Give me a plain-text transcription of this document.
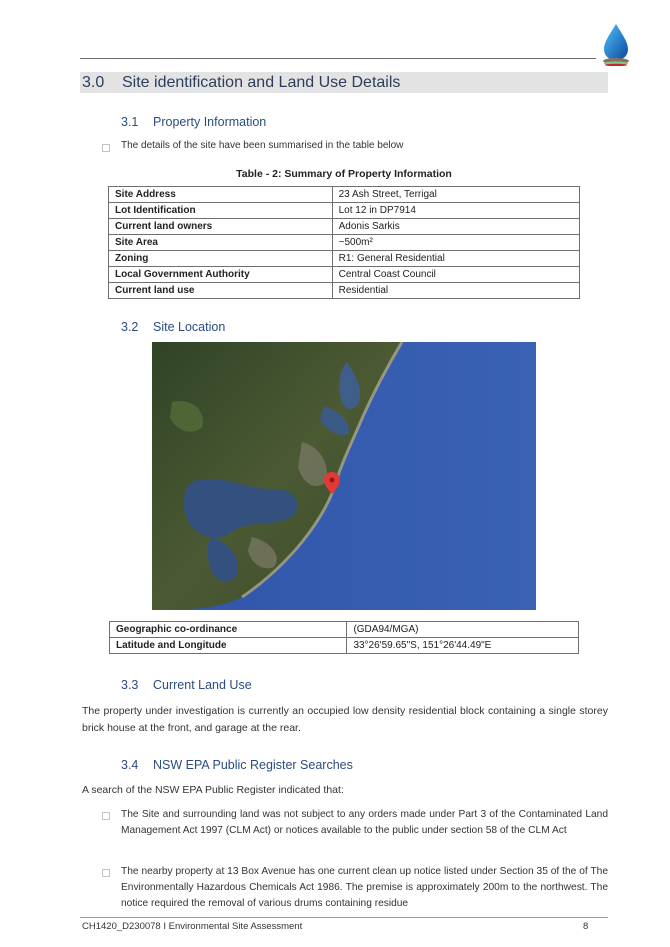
3.0 Site identification and Land Use Details
3.1 Property Information
The details of the site have been summarised in the table below
Table - 2: Summary of Property Information
Site Address	23 Ash Street, Terrigal
Lot Identification	Lot 12 in DP7914
Current land owners	Adonis Sarkis
Site Area	~500m²
Zoning	R1: General Residential
Local Government Authority	Central Coast Council
Current land use	Residential
3.2 Site Location
Geographic co-ordinance	(GDA94/MGA)
Latitude and Longitude	33°26'59.65"S, 151°26'44.49"E
3.3 Current Land Use

The property under investigation is currently an occupied low density residential block containing a single storey brick house at the front, and garage at the rear.

3.4 NSW EPA Public Register Searches
A search of the NSW EPA Public Register indicated that:

The Site and surrounding land was not subject to any orders made under Part 3 of the Contaminated Land Management Act 1997 (CLM Act) or notices available to the public under section 58 of the CLM Act

The nearby property at 13 Box Avenue has one current clean up notice listed under Section 35 of the of The Environmentally Hazardous Chemicals Act 1986. The premise is approximately 200m to the northwest. The notice required the removal of various drums containing residue

CH1420_D230078 I Environmental Site Assessment	8
